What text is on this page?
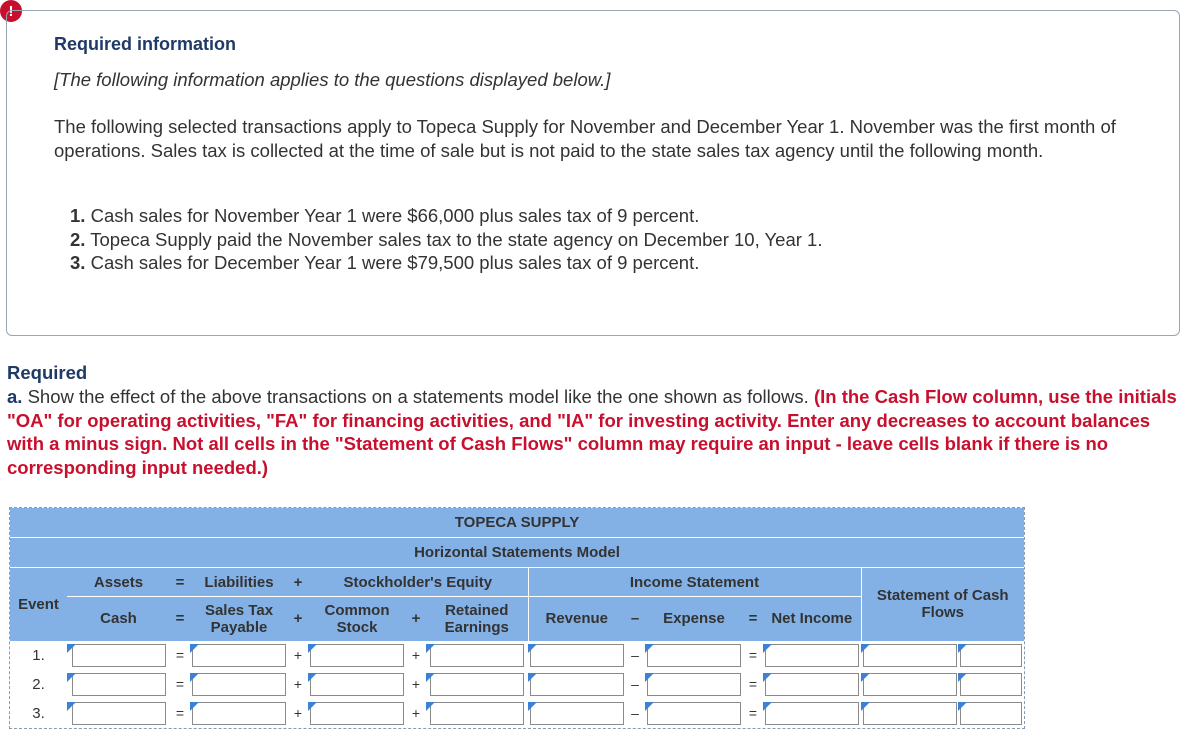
!
Required information
[The following information applies to the questions displayed below.]
The following selected transactions apply to Topeca Supply for November and December Year 1. November was the first month of operations. Sales tax is collected at the time of sale but is not paid to the state sales tax agency until the following month.
1. Cash sales for November Year 1 were $66,000 plus sales tax of 9 percent.
2. Topeca Supply paid the November sales tax to the state agency on December 10, Year 1.
3. Cash sales for December Year 1 were $79,500 plus sales tax of 9 percent.
Required
a. Show the effect of the above transactions on a statements model like the one shown as follows. (In the Cash Flow column, use the initials "OA" for operating activities, "FA" for financing activities, and "IA" for investing activity. Enter any decreases to account balances with a minus sign. Not all cells in the "Statement of Cash Flows" column may require an input - leave cells blank if there is no corresponding input needed.)
TOPECA SUPPLY														
Horizontal Statements Model														
Event	Assets	=	Liabilities	+	Stockholder's Equity			Income Statement					Statement of Cash Flows	
	Cash	=	Sales Tax Payable	+	Common Stock	+	Retained Earnings	Revenue	–	Expense	=	Net Income		
1.		=		+		+			–		=	

2.		=		+		+			–		=	

3.		=		+		+			–		=	
